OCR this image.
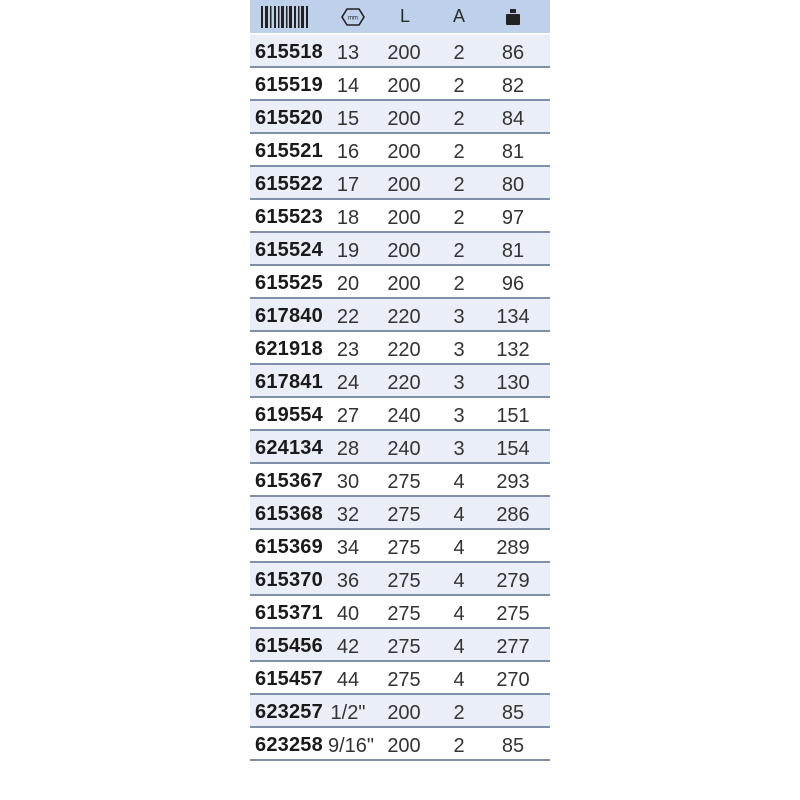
mm L A
615518 13	200	2	86
615519 14	200	2	82
615520 15	200	2	84
615521 16	200	2	81
615522 17	200	2	80
615523 18	200	2	97
615524 19	200	2	81
615525 20	200	2	96
617840 22	220	3	134
621918 23	220	3	132
617841 24	220	3	130
619554 27	240	3	151
624134 28	240	3	154
615367 30	275	4	293
615368 32	275	4	286
615369 34	275	4	289
615370 36	275	4	279
615371 40	275	4	275
615456 42	275	4	277
615457 44	275	4	270
623257 1/2" 200	2	85
623258 9/16" 200	2	85
